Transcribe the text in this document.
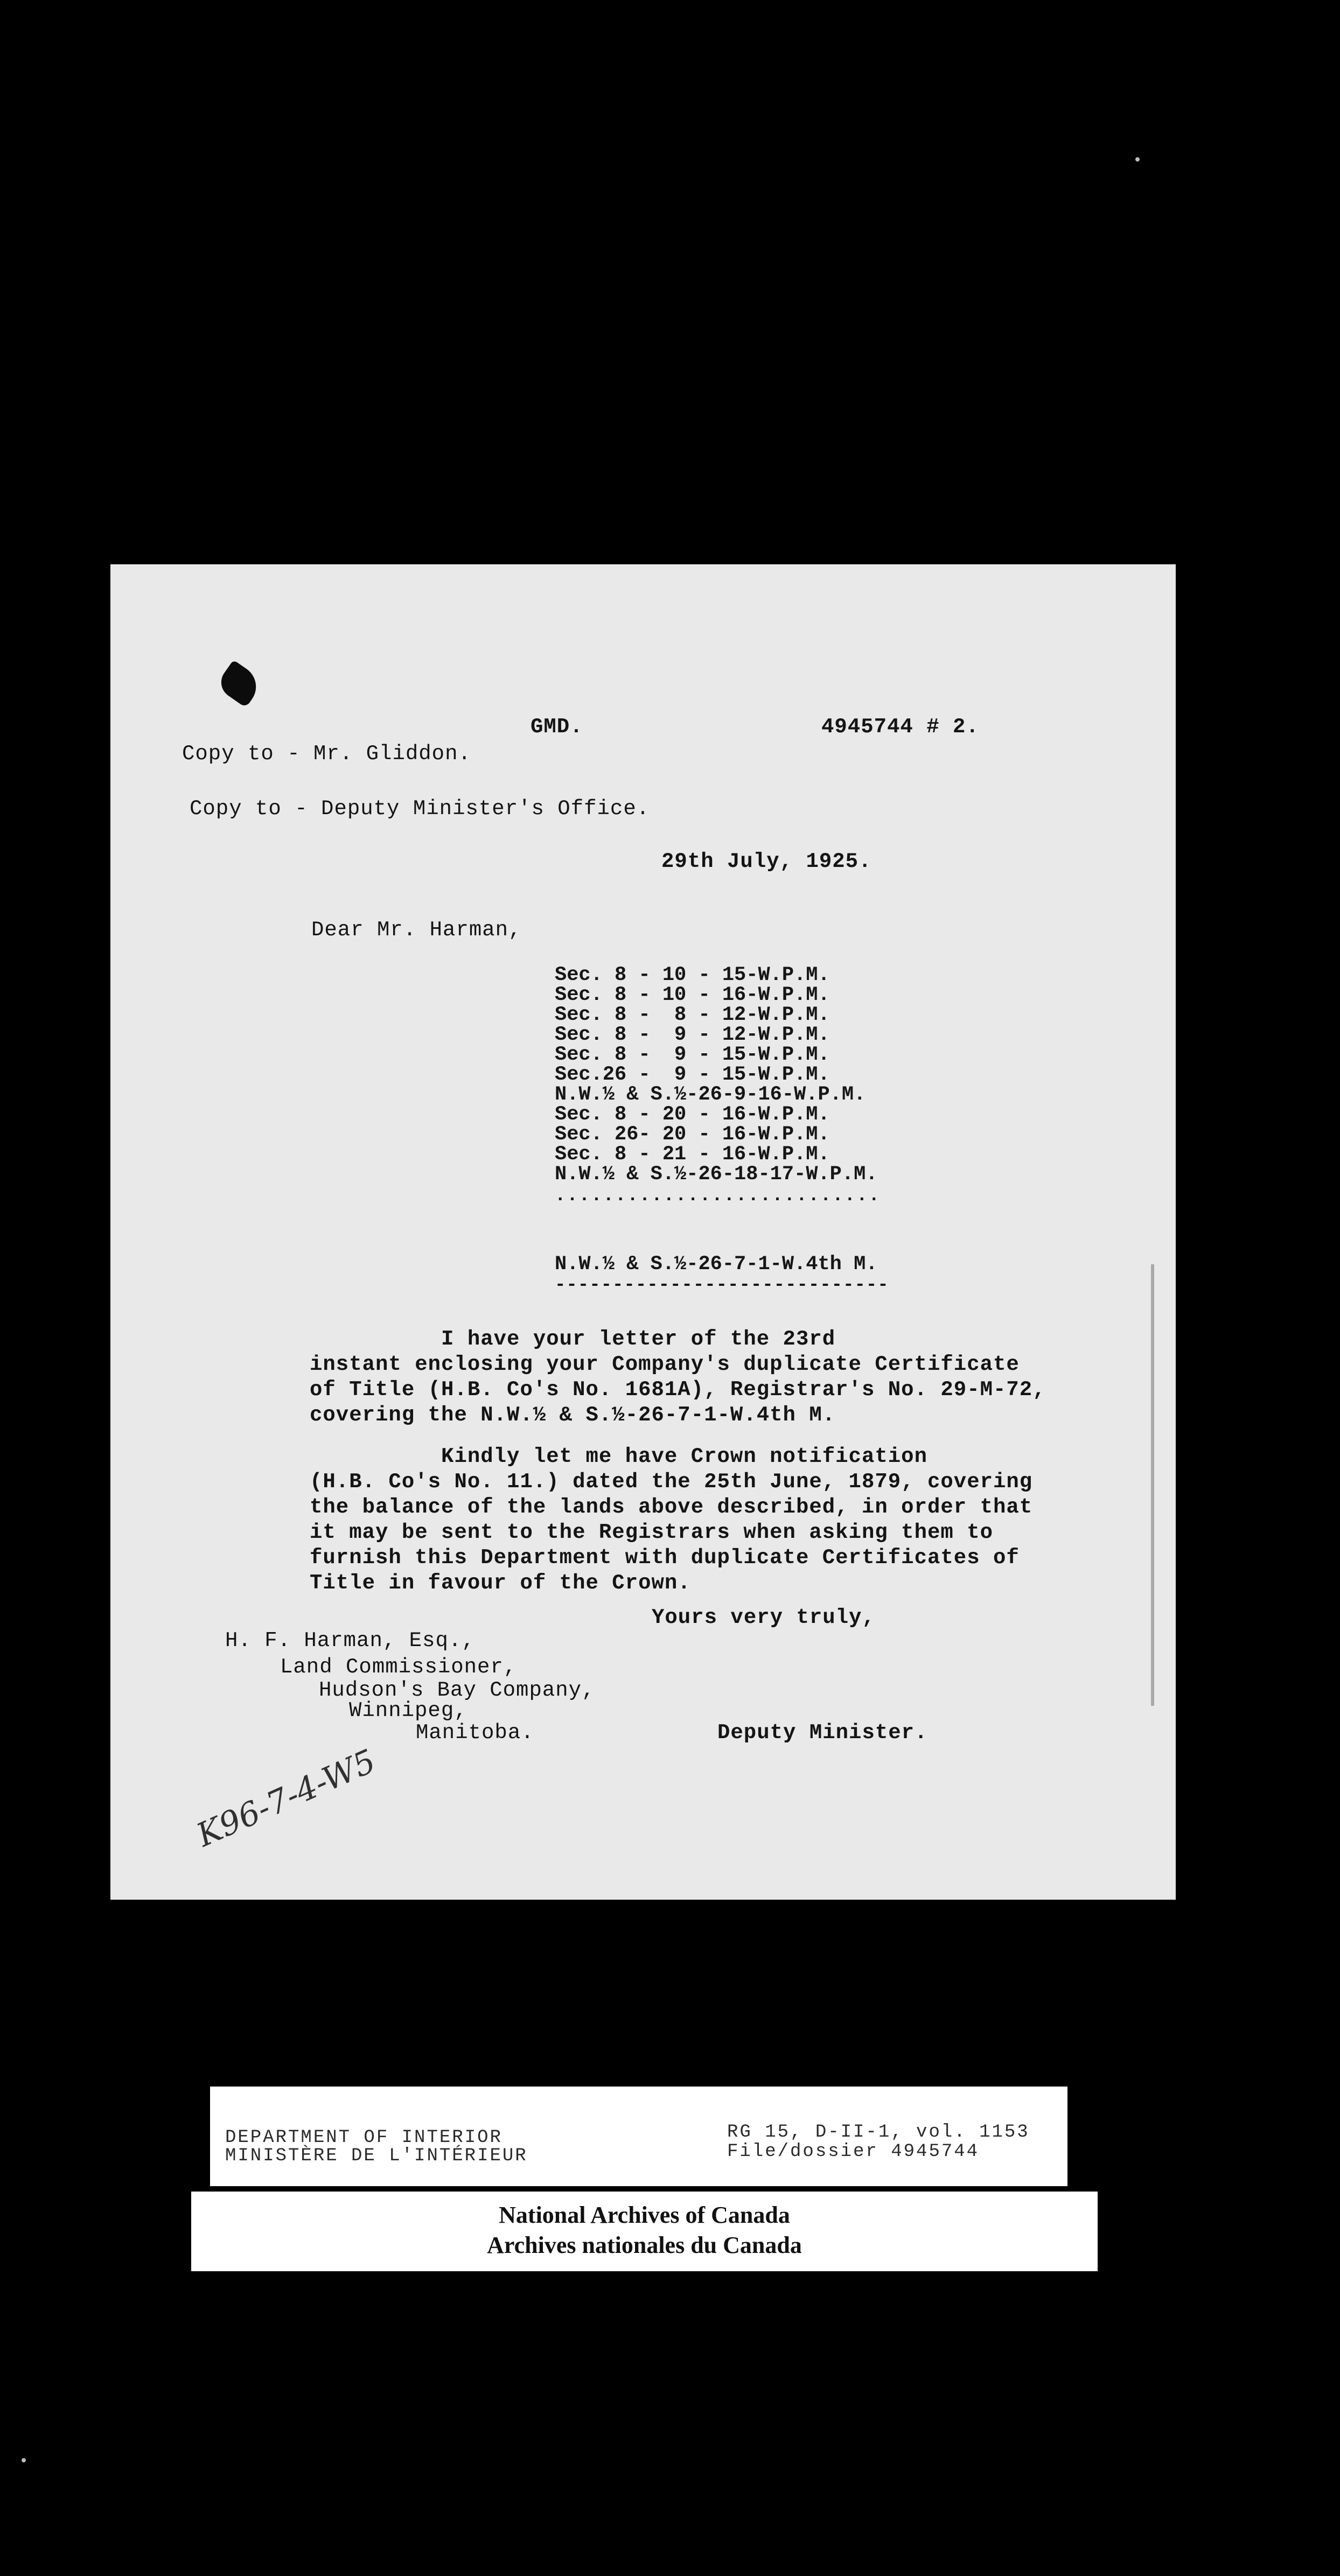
GMD.	4945744 # 2.
Copy to - Mr. Gliddon.
Copy to - Deputy Minister's Office.
29th July, 1925.
Dear Mr. Harman,
Sec. 8 - 10 - 15-W.P.M.
Sec. 8 - 10 - 16-W.P.M.
Sec. 8 -  8 - 12-W.P.M.
Sec. 8 -  9 - 12-W.P.M.
Sec. 8 -  9 - 15-W.P.M.
Sec.26 -  9 - 15-W.P.M.
N.W.½ & S.½-26-9-16-W.P.M.
Sec. 8 - 20 - 16-W.P.M.
Sec. 26- 20 - 16-W.P.M.
Sec. 8 - 21 - 16-W.P.M.
N.W.½ & S.½-26-18-17-W.P.M.
...........................
N.W.½ & S.½-26-7-1-W.4th M.
-----------------------------
I have your letter of the 23rd
instant enclosing your Company's duplicate Certificate
of Title (H.B. Co's No. 1681A), Registrar's No. 29-M-72,
covering the N.W.½ & S.½-26-7-1-W.4th M.
Kindly let me have Crown notification
(H.B. Co's No. 11.) dated the 25th June, 1879, covering
the balance of the lands above described, in order that
it may be sent to the Registrars when asking them to
furnish this Department with duplicate Certificates of
Title in favour of the Crown.
Yours very truly,
H. F. Harman, Esq.,
Land Commissioner,
Hudson's Bay Company,
Winnipeg,
Manitoba.	Deputy Minister.
K96-7-4-W5
DEPARTMENT OF INTERIOR
MINISTÈRE DE L'INTÉRIEUR
RG 15, D-II-1, vol. 1153
File/dossier 4945744
National Archives of Canada
Archives nationales du Canada
